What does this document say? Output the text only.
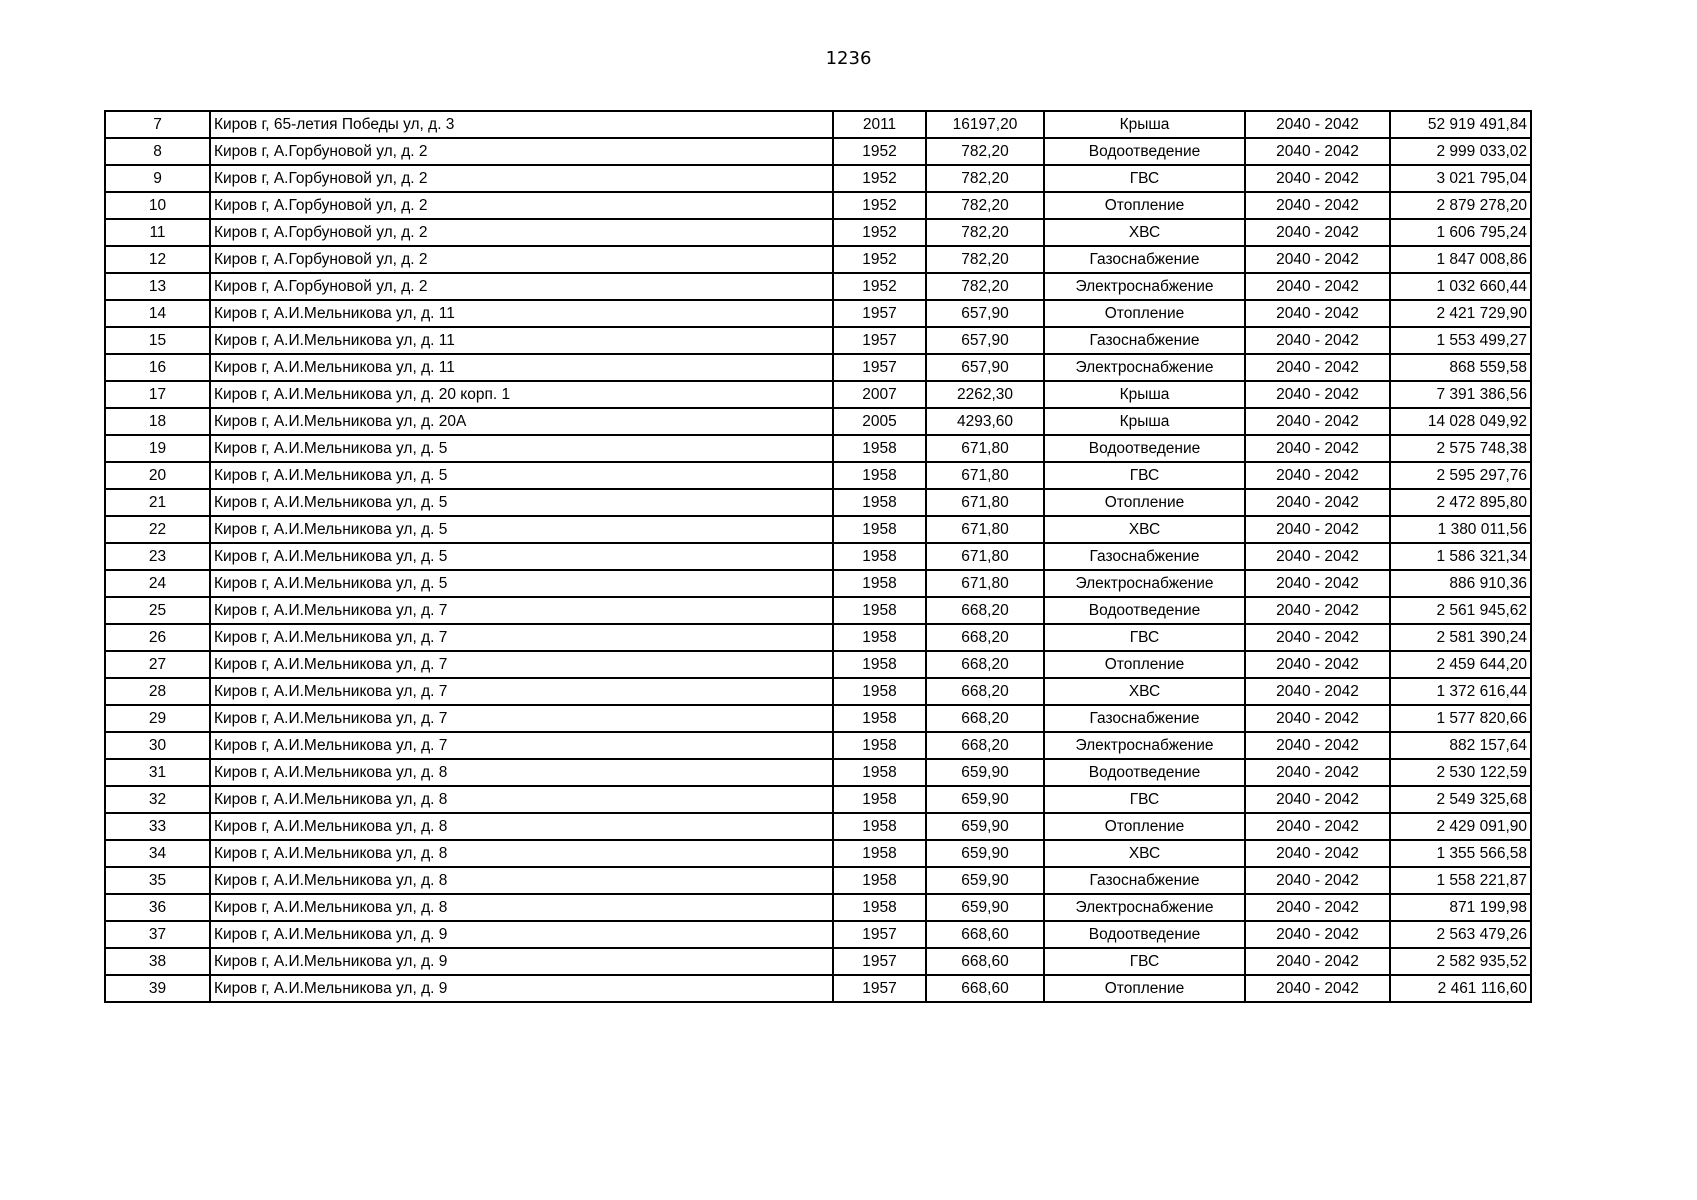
1236
7	Киров г, 65-летия Победы ул, д. 3	2011	16197,20	Крыша	2040 - 2042	52 919 491,84
8	Киров г, А.Горбуновой ул, д. 2	1952	782,20	Водоотведение	2040 - 2042	2 999 033,02
9	Киров г, А.Горбуновой ул, д. 2	1952	782,20	ГВС	2040 - 2042	3 021 795,04
10	Киров г, А.Горбуновой ул, д. 2	1952	782,20	Отопление	2040 - 2042	2 879 278,20
11	Киров г, А.Горбуновой ул, д. 2	1952	782,20	ХВС	2040 - 2042	1 606 795,24
12	Киров г, А.Горбуновой ул, д. 2	1952	782,20	Газоснабжение	2040 - 2042	1 847 008,86
13	Киров г, А.Горбуновой ул, д. 2	1952	782,20	Электроснабжение	2040 - 2042	1 032 660,44
14	Киров г, А.И.Мельникова ул, д. 11	1957	657,90	Отопление	2040 - 2042	2 421 729,90
15	Киров г, А.И.Мельникова ул, д. 11	1957	657,90	Газоснабжение	2040 - 2042	1 553 499,27
16	Киров г, А.И.Мельникова ул, д. 11	1957	657,90	Электроснабжение	2040 - 2042	868 559,58
17	Киров г, А.И.Мельникова ул, д. 20 корп. 1	2007	2262,30	Крыша	2040 - 2042	7 391 386,56
18	Киров г, А.И.Мельникова ул, д. 20А	2005	4293,60	Крыша	2040 - 2042	14 028 049,92
19	Киров г, А.И.Мельникова ул, д. 5	1958	671,80	Водоотведение	2040 - 2042	2 575 748,38
20	Киров г, А.И.Мельникова ул, д. 5	1958	671,80	ГВС	2040 - 2042	2 595 297,76
21	Киров г, А.И.Мельникова ул, д. 5	1958	671,80	Отопление	2040 - 2042	2 472 895,80
22	Киров г, А.И.Мельникова ул, д. 5	1958	671,80	ХВС	2040 - 2042	1 380 011,56
23	Киров г, А.И.Мельникова ул, д. 5	1958	671,80	Газоснабжение	2040 - 2042	1 586 321,34
24	Киров г, А.И.Мельникова ул, д. 5	1958	671,80	Электроснабжение	2040 - 2042	886 910,36
25	Киров г, А.И.Мельникова ул, д. 7	1958	668,20	Водоотведение	2040 - 2042	2 561 945,62
26	Киров г, А.И.Мельникова ул, д. 7	1958	668,20	ГВС	2040 - 2042	2 581 390,24
27	Киров г, А.И.Мельникова ул, д. 7	1958	668,20	Отопление	2040 - 2042	2 459 644,20
28	Киров г, А.И.Мельникова ул, д. 7	1958	668,20	ХВС	2040 - 2042	1 372 616,44
29	Киров г, А.И.Мельникова ул, д. 7	1958	668,20	Газоснабжение	2040 - 2042	1 577 820,66
30	Киров г, А.И.Мельникова ул, д. 7	1958	668,20	Электроснабжение	2040 - 2042	882 157,64
31	Киров г, А.И.Мельникова ул, д. 8	1958	659,90	Водоотведение	2040 - 2042	2 530 122,59
32	Киров г, А.И.Мельникова ул, д. 8	1958	659,90	ГВС	2040 - 2042	2 549 325,68
33	Киров г, А.И.Мельникова ул, д. 8	1958	659,90	Отопление	2040 - 2042	2 429 091,90
34	Киров г, А.И.Мельникова ул, д. 8	1958	659,90	ХВС	2040 - 2042	1 355 566,58
35	Киров г, А.И.Мельникова ул, д. 8	1958	659,90	Газоснабжение	2040 - 2042	1 558 221,87
36	Киров г, А.И.Мельникова ул, д. 8	1958	659,90	Электроснабжение	2040 - 2042	871 199,98
37	Киров г, А.И.Мельникова ул, д. 9	1957	668,60	Водоотведение	2040 - 2042	2 563 479,26
38	Киров г, А.И.Мельникова ул, д. 9	1957	668,60	ГВС	2040 - 2042	2 582 935,52
39	Киров г, А.И.Мельникова ул, д. 9	1957	668,60	Отопление	2040 - 2042	2 461 116,60
